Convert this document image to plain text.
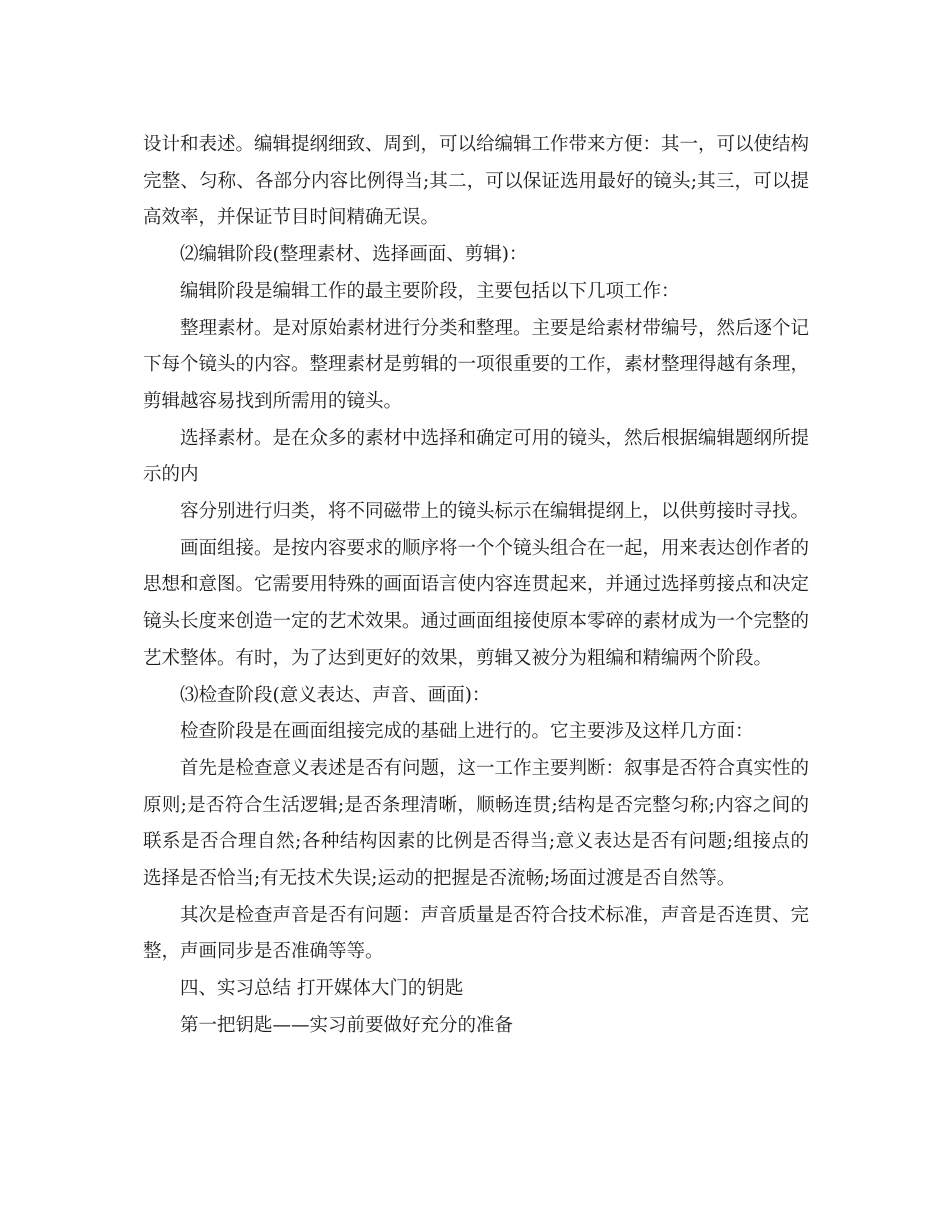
设计和表述。编辑提纲细致、周到，可以给编辑工作带来方便：其一，可以使结构完整、匀称、各部分内容比例得当;其二，可以保证选用最好的镜头;其三，可以提高效率，并保证节目时间精确无误。

⑵编辑阶段(整理素材、选择画面、剪辑)：

编辑阶段是编辑工作的最主要阶段，主要包括以下几项工作：

整理素材。是对原始素材进行分类和整理。主要是给素材带编号，然后逐个记下每个镜头的内容。整理素材是剪辑的一项很重要的工作，素材整理得越有条理，剪辑越容易找到所需用的镜头。

选择素材。是在众多的素材中选择和确定可用的镜头，然后根据编辑题纲所提示的内

容分别进行归类，将不同磁带上的镜头标示在编辑提纲上，以供剪接时寻找。

画面组接。是按内容要求的顺序将一个个镜头组合在一起，用来表达创作者的思想和意图。它需要用特殊的画面语言使内容连贯起来，并通过选择剪接点和决定镜头长度来创造一定的艺术效果。通过画面组接使原本零碎的素材成为一个完整的艺术整体。有时，为了达到更好的效果，剪辑又被分为粗编和精编两个阶段。

⑶检查阶段(意义表达、声音、画面)：

检查阶段是在画面组接完成的基础上进行的。它主要涉及这样几方面：

首先是检查意义表述是否有问题，这一工作主要判断：叙事是否符合真实性的原则;是否符合生活逻辑;是否条理清晰，顺畅连贯;结构是否完整匀称;内容之间的联系是否合理自然;各种结构因素的比例是否得当;意义表达是否有问题;组接点的选择是否恰当;有无技术失误;运动的把握是否流畅;场面过渡是否自然等。

其次是检查声音是否有问题：声音质量是否符合技术标准，声音是否连贯、完整，声画同步是否准确等等。

四、实习总结 打开媒体大门的钥匙

第一把钥匙——实习前要做好充分的准备
